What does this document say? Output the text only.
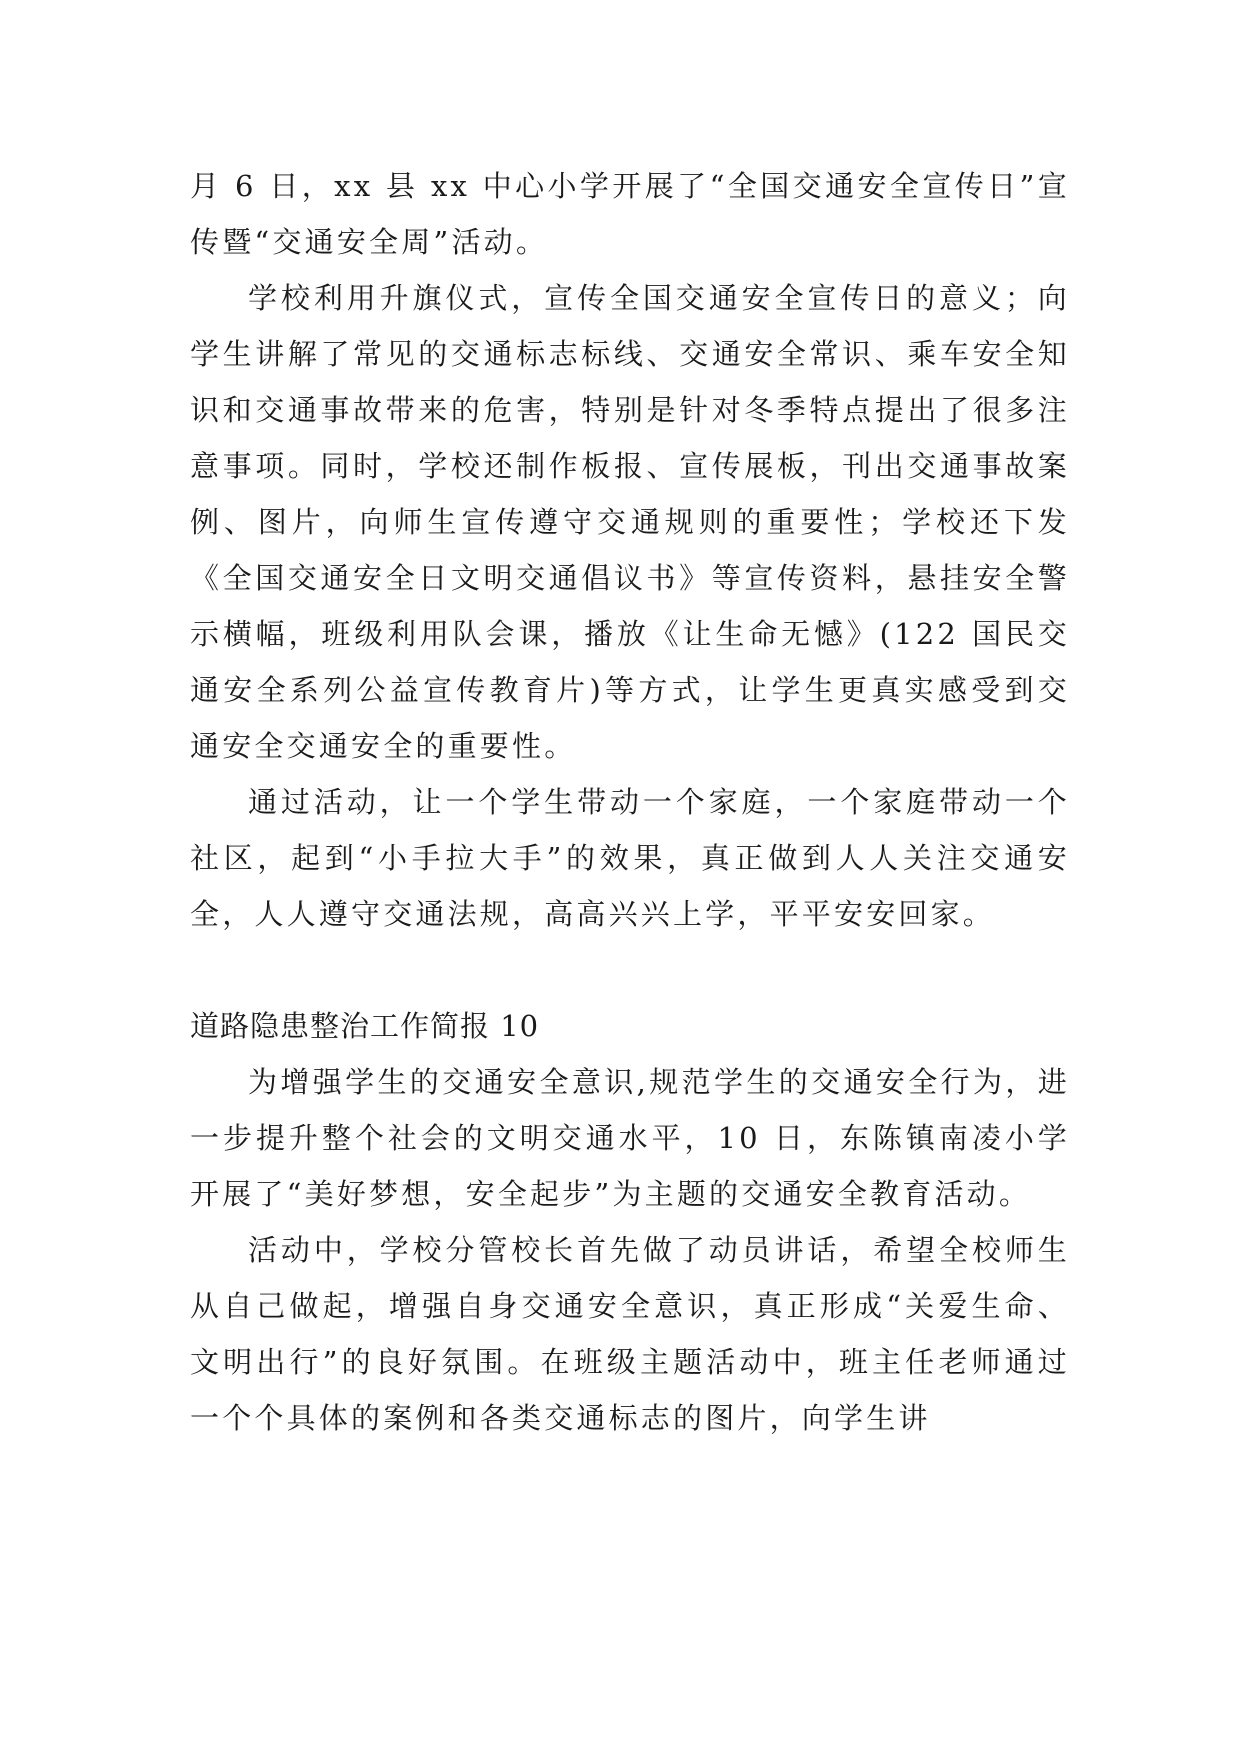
月 6 日，xx 县 xx 中心小学开展了“全国交通安全宣传日”宣传暨“交通安全周”活动。

学校利用升旗仪式，宣传全国交通安全宣传日的意义；向学生讲解了常见的交通标志标线、交通安全常识、乘车安全知识和交通事故带来的危害，特别是针对冬季特点提出了很多注意事项。同时，学校还制作板报、宣传展板，刊出交通事故案例、图片，向师生宣传遵守交通规则的重要性；学校还下发《全国交通安全日文明交通倡议书》等宣传资料，悬挂安全警示横幅，班级利用队会课，播放《让生命无憾》(122 国民交通安全系列公益宣传教育片)等方式，让学生更真实感受到交通安全交通安全的重要性。

通过活动，让一个学生带动一个家庭，一个家庭带动一个社区，起到“小手拉大手”的效果，真正做到人人关注交通安全，人人遵守交通法规，高高兴兴上学，平平安安回家。

道路隐患整治工作简报 10

为增强学生的交通安全意识,规范学生的交通安全行为，进一步提升整个社会的文明交通水平，10 日，东陈镇南凌小学开展了“美好梦想，安全起步”为主题的交通安全教育活动。

活动中，学校分管校长首先做了动员讲话，希望全校师生从自己做起，增强自身交通安全意识，真正形成“关爱生命、文明出行”的良好氛围。在班级主题活动中，班主任老师通过一个个具体的案例和各类交通标志的图片，向学生讲
